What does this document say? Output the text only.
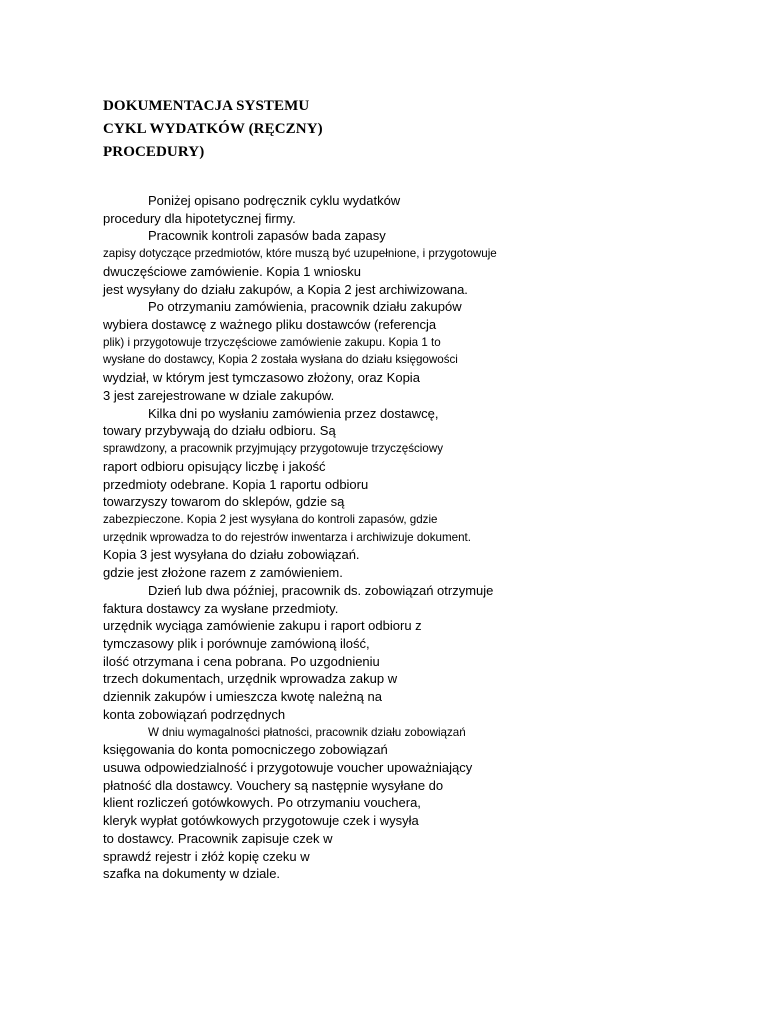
DOKUMENTACJA SYSTEMU
CYKL WYDATKÓW (RĘCZNY)
PROCEDURY)
Poniżej opisano podręcznik cyklu wydatków
procedury dla hipotetycznej firmy.
Pracownik kontroli zapasów bada zapasy
zapisy dotyczące przedmiotów, które muszą być uzupełnione, i przygotowuje
dwuczęściowe zamówienie. Kopia 1 wniosku
jest wysyłany do działu zakupów, a Kopia 2 jest archiwizowana.
Po otrzymaniu zamówienia, pracownik działu zakupów
wybiera dostawcę z ważnego pliku dostawców (referencja
plik) i przygotowuje trzyczęściowe zamówienie zakupu. Kopia 1 to
wysłane do dostawcy, Kopia 2 została wysłana do działu księgowości
wydział, w którym jest tymczasowo złożony, oraz Kopia
3 jest zarejestrowane w dziale zakupów.
Kilka dni po wysłaniu zamówienia przez dostawcę,
towary przybywają do działu odbioru. Są
sprawdzony, a pracownik przyjmujący przygotowuje trzyczęściowy
raport odbioru opisujący liczbę i jakość
przedmioty odebrane. Kopia 1 raportu odbioru
towarzyszy towarom do sklepów, gdzie są
zabezpieczone. Kopia 2 jest wysyłana do kontroli zapasów, gdzie
urzędnik wprowadza to do rejestrów inwentarza i archiwizuje dokument.
Kopia 3 jest wysyłana do działu zobowiązań.
gdzie jest złożone razem z zamówieniem.
Dzień lub dwa później, pracownik ds. zobowiązań otrzymuje
faktura dostawcy za wysłane przedmioty.
urzędnik wyciąga zamówienie zakupu i raport odbioru z
tymczasowy plik i porównuje zamówioną ilość,
ilość otrzymana i cena pobrana. Po uzgodnieniu
trzech dokumentach, urzędnik wprowadza zakup w
dziennik zakupów i umieszcza kwotę należną na
konta zobowiązań podrzędnych
W dniu wymagalności płatności, pracownik działu zobowiązań
księgowania do konta pomocniczego zobowiązań
usuwa odpowiedzialność i przygotowuje voucher upoważniający
płatność dla dostawcy. Vouchery są następnie wysyłane do
klient rozliczeń gotówkowych. Po otrzymaniu vouchera,
kleryk wypłat gotówkowych przygotowuje czek i wysyła
to dostawcy. Pracownik zapisuje czek w
sprawdź rejestr i złóż kopię czeku w
szafka na dokumenty w dziale.
